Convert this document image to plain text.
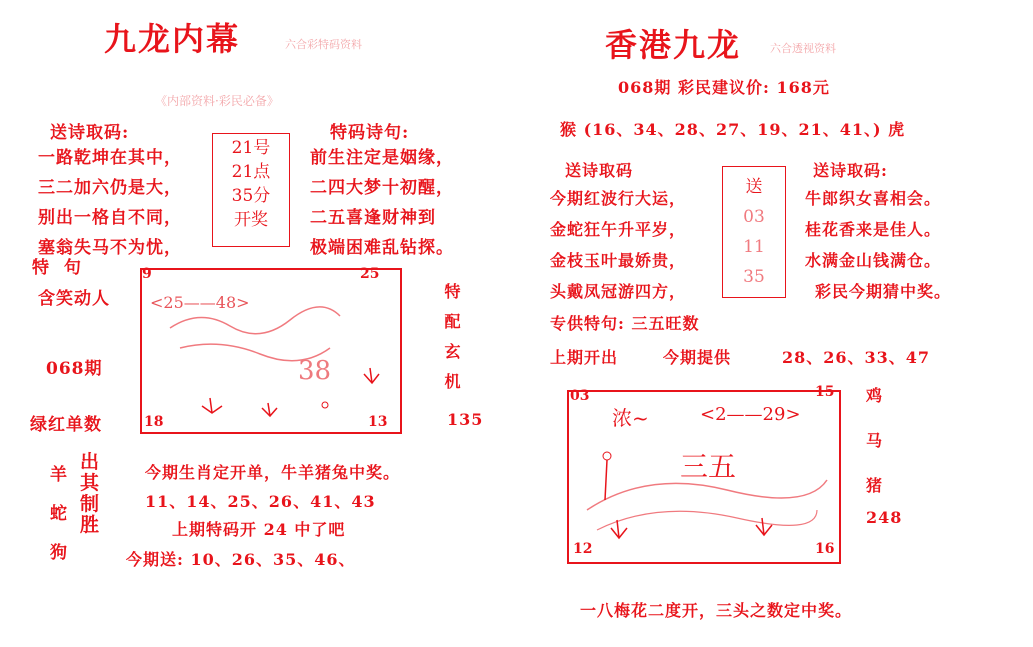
九龙内幕	六合彩特码资料
《内部资料·彩民必备》
送诗取码:	特码诗句:
一路乾坤在其中，
三二加六仍是大，
别出一格自不同，
塞翁失马不为忧，
21号
21点
35分
开奖
前生注定是姻缘，
二四大梦十初醒，
二五喜逢财神到
极端困难乱钻探。
特  句
含笑动人
068期
绿红单数
9	25
18	13
<25——48>
38
特配玄机
135
羊
蛇
狗
出
其
制
胜
今期生肖定开单，牛羊猪兔中奖。
11、14、25、26、41、43
上期特码开 24 中了吧
今期送: 10、26、35、46、
香港九龙	六合透视资料
068期 彩民建议价: 168元
猴 (16、34、28、27、19、21、41、) 虎
送诗取码	送诗取码:
今期红波行大运，
金蛇狂午升平岁，
金枝玉叶最娇贵，
头戴凤冠游四方，
送
03
11
35
牛郎织女喜相会。
桂花香来是佳人。
水满金山钱满仓。
彩民今期猜中奖。
专供特句: 三五旺数
上期开出	今期提供	28、26、33、47
03	15
12	16
浓~	<2——29>
三五
鸡
马
猪
248
一八梅花二度开，三头之数定中奖。
